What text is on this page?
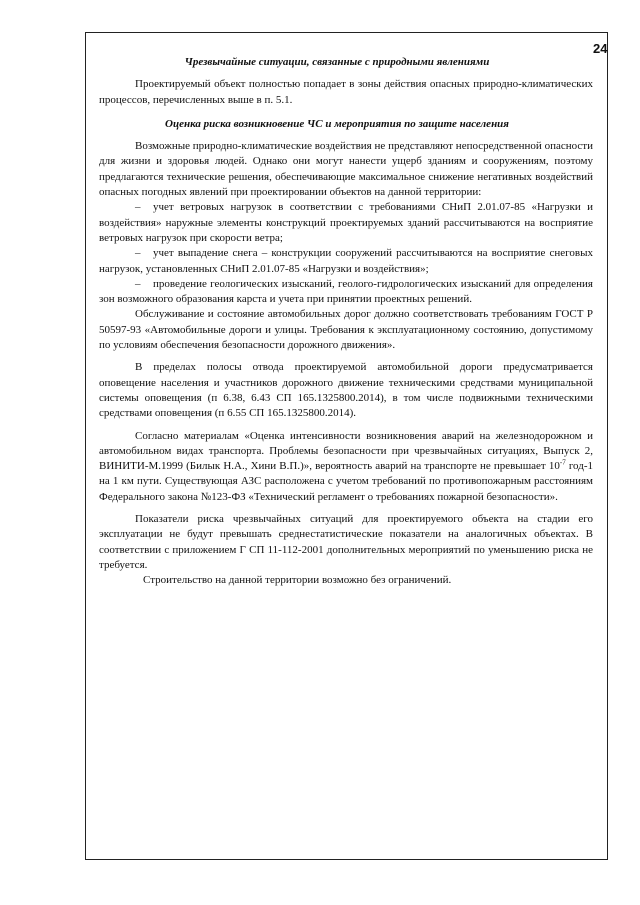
24

Чрезвычайные ситуации, связанные с природными явлениями

Проектируемый объект полностью попадает в зоны действия опасных природно-климатических процессов, перечисленных выше в п. 5.1.

Оценка риска возникновение ЧС и мероприятия по защите населения

Возможные природно-климатические воздействия не представляют непосредственной опасности для жизни и здоровья людей. Однако они могут нанести ущерб зданиям и сооружениям, поэтому предлагаются технические решения, обеспечивающие максимальное снижение негативных воздействий опасных погодных явлений при проектировании объектов на данной территории:

– учет ветровых нагрузок в соответствии с требованиями СНиП 2.01.07-85 «Нагрузки и воздействия» наружные элементы конструкций проектируемых зданий рассчитываются на восприятие ветровых нагрузок при скорости ветра;

– учет выпадение снега – конструкции сооружений рассчитываются на восприятие снеговых нагрузок, установленных СНиП 2.01.07-85 «Нагрузки и воздействия»;

– проведение геологических изысканий, геолого-гидрологических изысканий для определения зон возможного образования карста и учета при принятии проектных решений.

Обслуживание и состояние автомобильных дорог должно соответствовать требованиям ГОСТ Р 50597-93 «Автомобильные дороги и улицы. Требования к эксплуатационному состоянию, допустимому по условиям обеспечения безопасности дорожного движения».

В пределах полосы отвода проектируемой автомобильной дороги предусматривается оповещение населения и участников дорожного движение техническими средствами муниципальной системы оповещения (п 6.38, 6.43 СП 165.1325800.2014), в том числе подвижными техническими средствами оповещения (п 6.55 СП 165.1325800.2014).

Согласно материалам «Оценка интенсивности возникновения аварий на железнодорожном и автомобильном видах транспорта. Проблемы безопасности при чрезвычайных ситуациях, Выпуск 2, ВИНИТИ-М.1999 (Билык Н.А., Хини В.П.)», вероятность аварий на транспорте не превышает $10^{-7}$ год-1 на 1 км пути. Существующая АЗС расположена с учетом требований по противопожарным расстояниям Федерального закона №123-ФЗ «Технический регламент о требованиях пожарной безопасности».

Показатели риска чрезвычайных ситуаций для проектируемого объекта на стадии его эксплуатации не будут превышать среднестатистические показатели на аналогичных объектах. В соответствии с приложением Г СП 11-112-2001 дополнительных мероприятий по уменьшению риска не требуется.

Строительство на данной территории возможно без ограничений.
